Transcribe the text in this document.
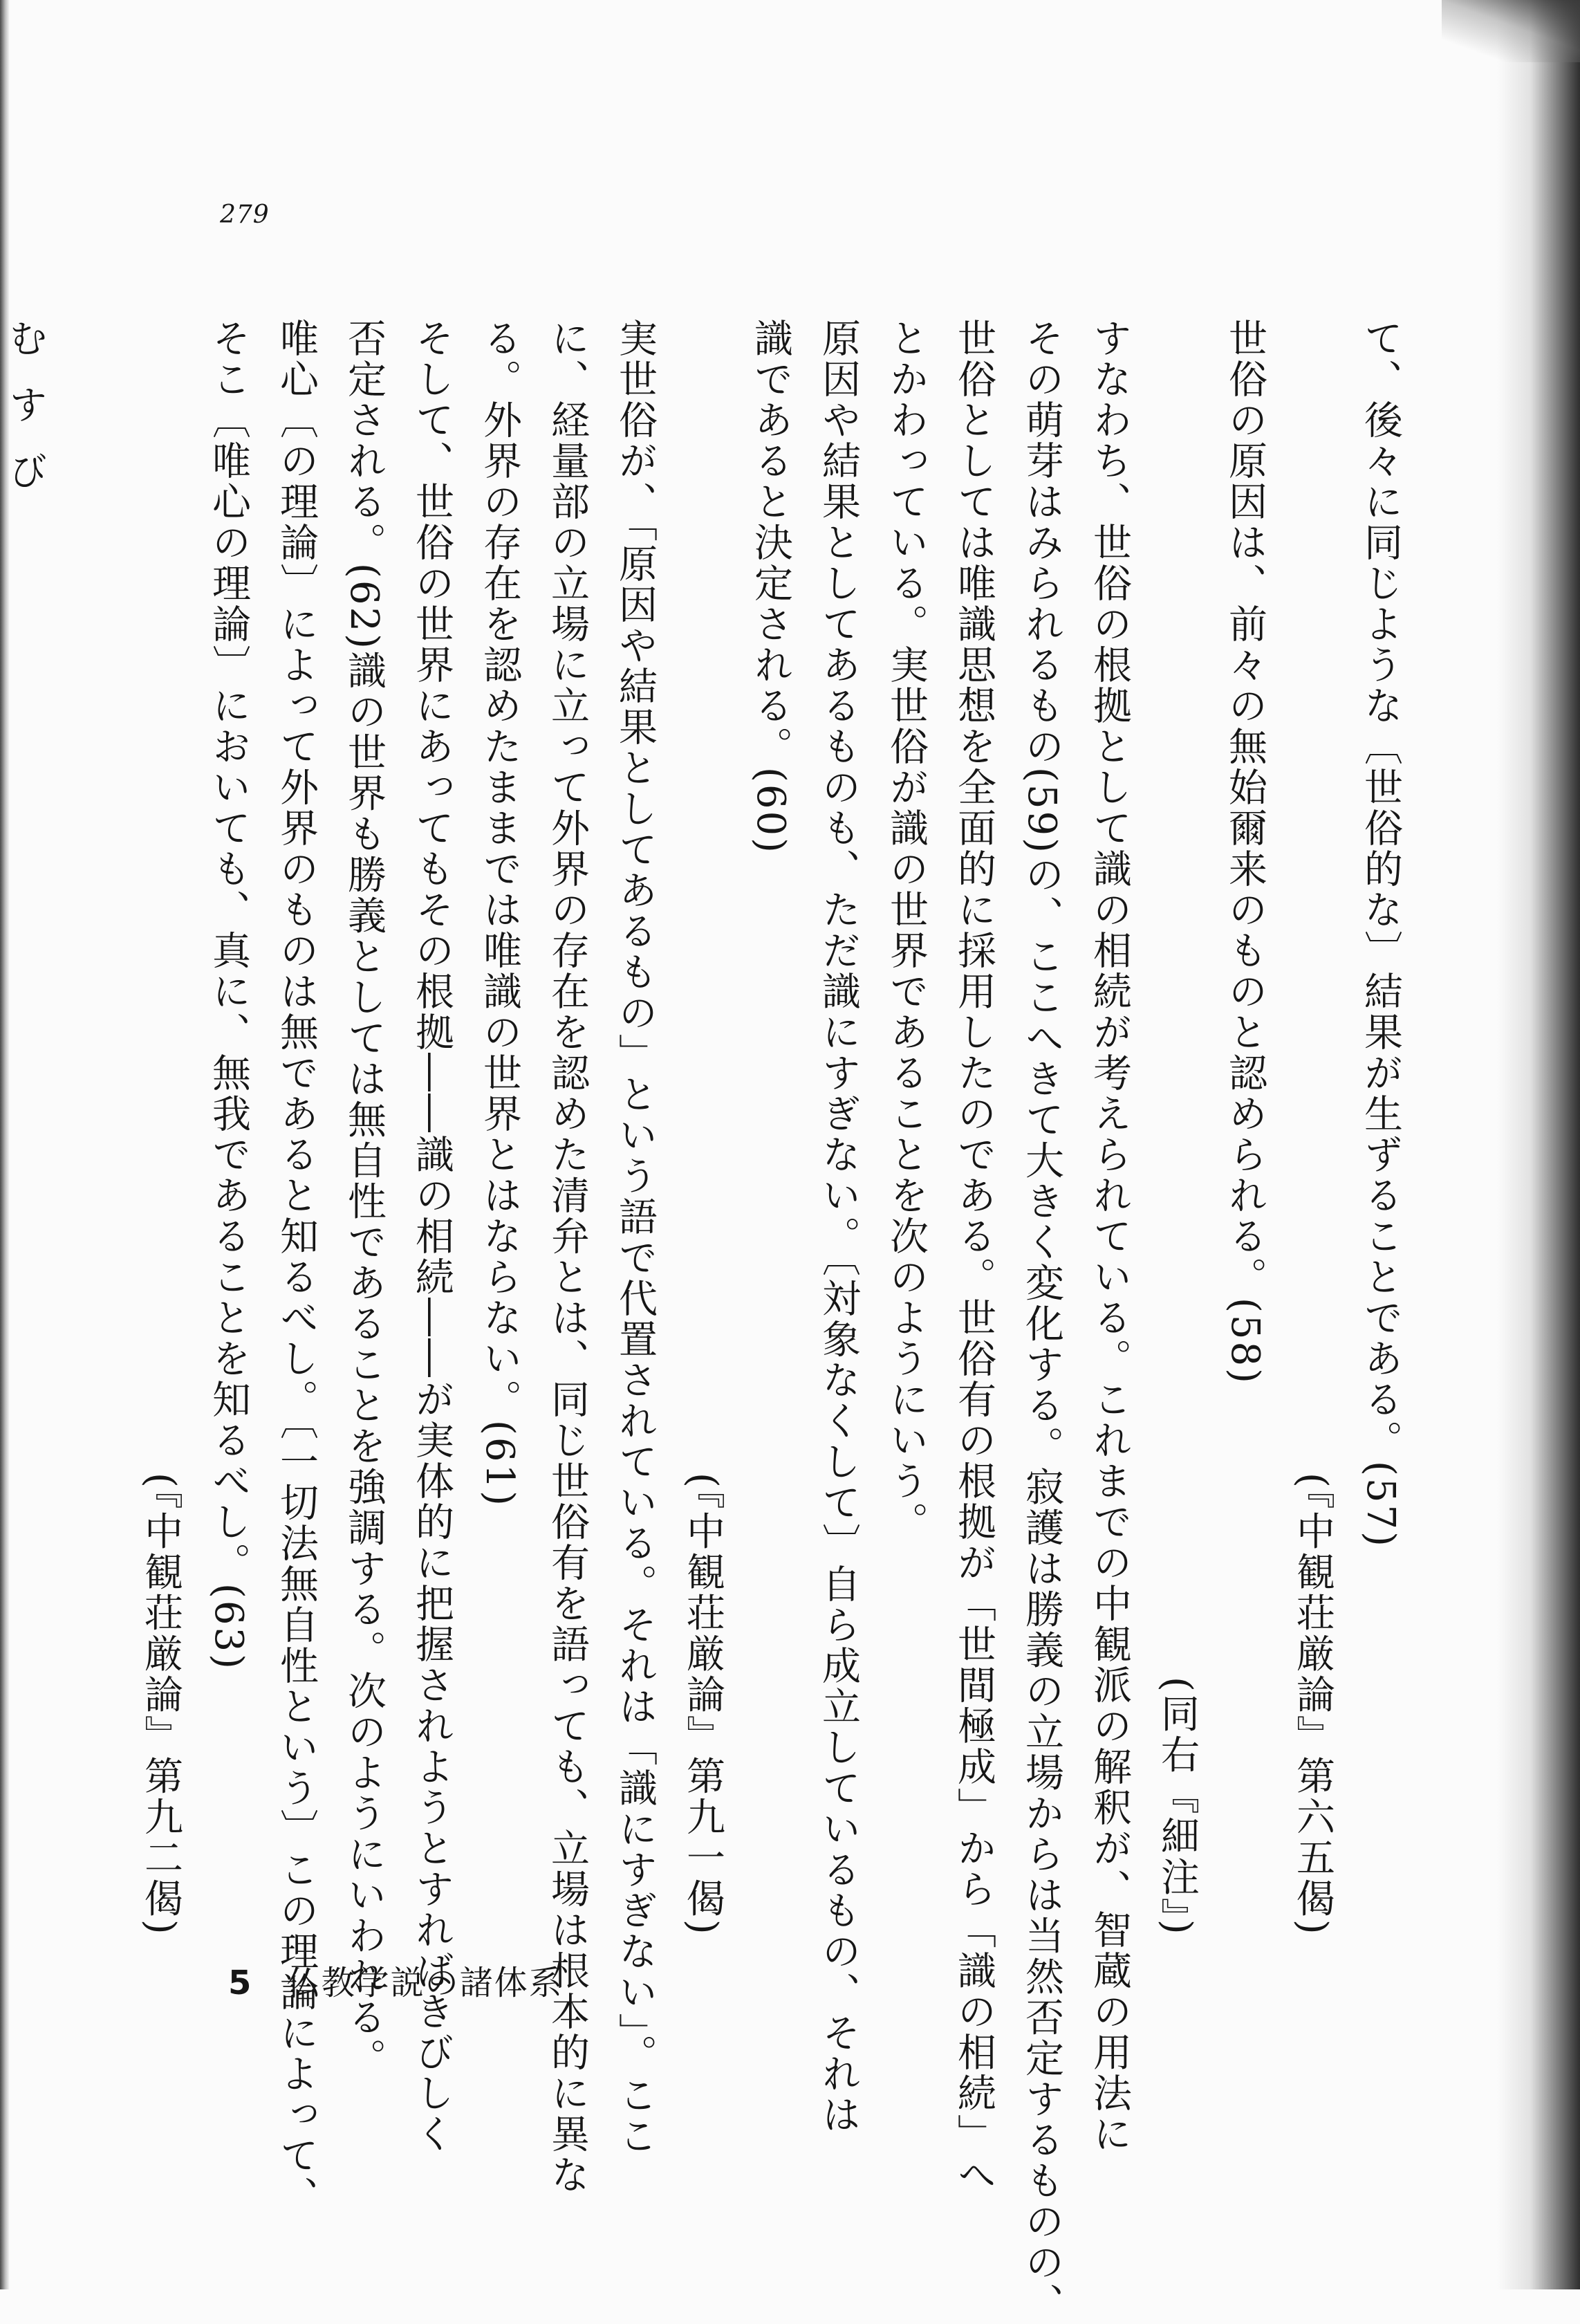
279
て、後々に同じような〔世俗的な〕結果が生ずることである。(57)
(『中観荘厳論』第六五偈)
世俗の原因は、前々の無始爾来のものと認められる。(58)
(同右『細注』)
すなわち、世俗の根拠として識の相続が考えられている。これまでの中観派の解釈が、智蔵の用法に
その萌芽はみられるもの(59)の、ここへきて大きく変化する。寂護は勝義の立場からは当然否定するものの、
世俗としては唯識思想を全面的に採用したのである。世俗有の根拠が「世間極成」から「識の相続」へ
とかわっている。実世俗が識の世界であることを次のようにいう。
原因や結果としてあるものも、ただ識にすぎない。〔対象なくして〕自ら成立しているもの、それは
識であると決定される。(60)
(『中観荘厳論』第九一偈)
実世俗が、「原因や結果としてあるもの」という語で代置されている。それは「識にすぎない」。ここ
に、経量部の立場に立って外界の存在を認めた清弁とは、同じ世俗有を語っても、立場は根本的に異な
る。外界の存在を認めたままでは唯識の世界とはならない。(61)
そして、世俗の世界にあってもその根拠――識の相続――が実体的に把握されようとすればきびしく
否定される。(62)識の世界も勝義としては無自性であることを強調する。次のようにいわれる。
唯心〔の理論〕によって外界のものは無であると知るべし。〔一切法無自性という〕この理論によって、
そこ〔唯心の理論〕においても、真に、無我であることを知るべし。(63)
(『中観荘厳論』第九二偈)

むすび

5 仏教学説の諸体系
